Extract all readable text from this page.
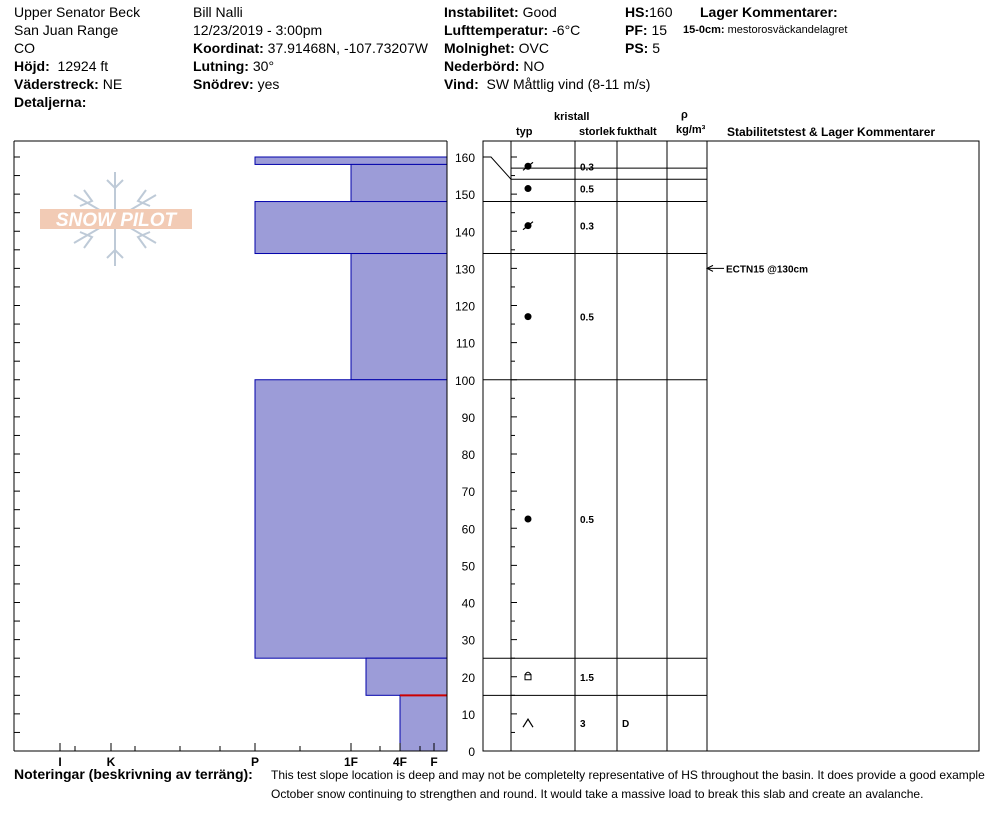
Upper Senator Beck
San Juan Range
CO
Höjd: 12924 ft
Väderstreck: NE
Detaljerna:
Bill Nalli
12/23/2019 - 3:00pm
Koordinat: 37.91468N, -107.73207W
Lutning: 30°
Snödrev: yes
Instabilitet: Good
Lufttemperatur: -6°C
Molnighet: OVC
Nederbörd: NO
Vind: SW Måttlig vind (8-11 m/s)
HS:160
PF: 15
PS: 5
Lager Kommentarer:
15-0cm: mestorosväckandelagret
kristall
typ	storlek fukthalt
ρ
kg/m³ Stabilitetstest & Lager Kommentarer
SNOW PILOT
I	K	P	1F	4F F
0
10
20
30
40
50
60
70
80
90
100
110
120
130
140
150
160
0.3
0.5
0.3
0.5
0.5
1.5
3	D
ECTN15 @130cm
Noteringar (beskrivning av terräng): This test slope location is deep and may not be completelty representative of HS throughout the basin. It does provide a good example
October snow continuing to strengthen and round. It would take a massive load to break this slab and create an avalanche.
